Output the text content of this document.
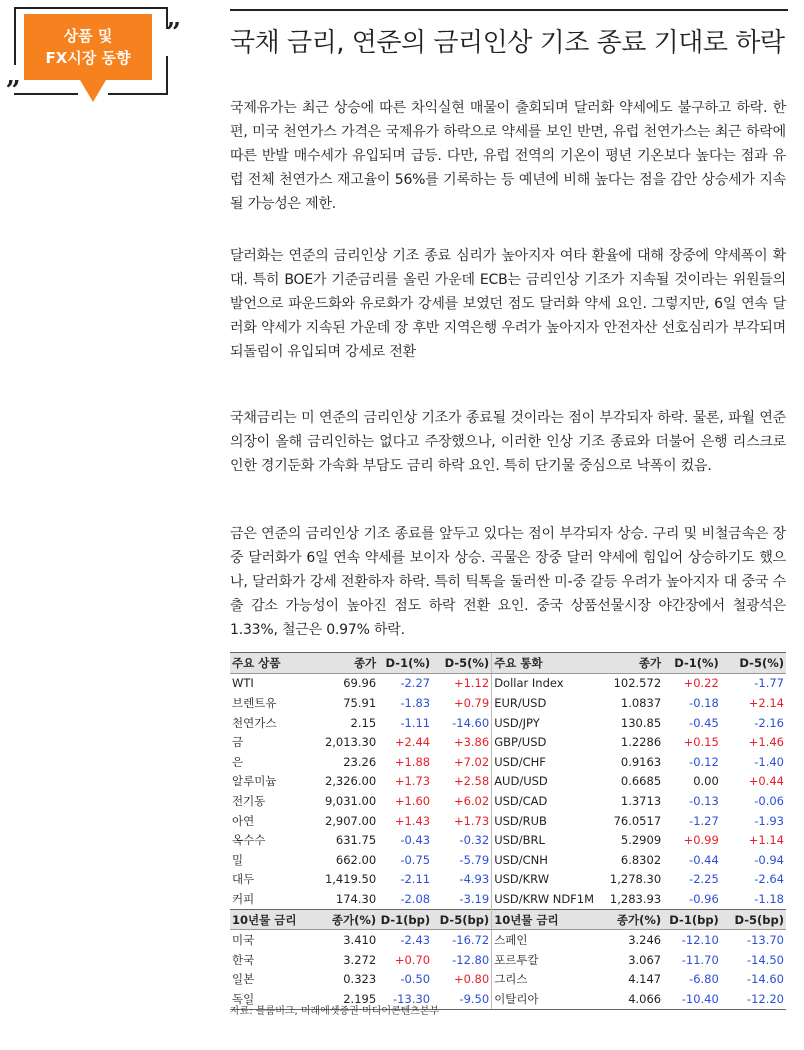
상품 및
FX시장 동향
„
” 국채 금리, 연준의 금리인상 기조 종료 기대로 하락

국제유가는 최근 상승에 따른 차익실현 매물이 출회되며 달러화 약세에도 불구하고 하락. 한편, 미국 천연가스 가격은 국제유가 하락으로 약세를 보인 반면, 유럽 천연가스는 최근 하락에 따른 반발 매수세가 유입되며 급등. 다만, 유럽 전역의 기온이 평년 기온보다 높다는 점과 유럽 전체 천연가스 재고율이 56%를 기록하는 등 예년에 비해 높다는 점을 감안 상승세가 지속될 가능성은 제한.

달러화는 연준의 금리인상 기조 종료 심리가 높아지자 여타 환율에 대해 장중에 약세폭이 확대. 특히 BOE가 기준금리를 올린 가운데 ECB는 금리인상 기조가 지속될 것이라는 위원들의 발언으로 파운드화와 유로화가 강세를 보였던 점도 달러화 약세 요인. 그렇지만, 6일 연속 달러화 약세가 지속된 가운데 장 후반 지역은행 우려가 높아지자 안전자산 선호심리가 부각되며 되돌림이 유입되며 강세로 전환

국채금리는 미 연준의 금리인상 기조가 종료될 것이라는 점이 부각되자 하락. 물론, 파월 연준의장이 올해 금리인하는 없다고 주장했으나, 이러한 인상 기조 종료와 더불어 은행 리스크로 인한 경기둔화 가속화 부담도 금리 하락 요인. 특히 단기물 중심으로 낙폭이 컸음.

금은 연준의 금리인상 기조 종료를 앞두고 있다는 점이 부각되자 상승. 구리 및 비철금속은 장중 달러화가 6일 연속 약세를 보이자 상승. 곡물은 장중 달러 약세에 힘입어 상승하기도 했으나, 달러화가 강세 전환하자 하락. 특히 틱톡을 둘러싼 미-중 갈등 우려가 높아지자 대 중국 수출 감소 가능성이 높아진 점도 하락 전환 요인. 중국 상품선물시장 야간장에서 철광석은 1.33%, 철근은 0.97% 하락.

주요 상품	종가	D-1(%)	D-5(%)	주요 통화	종가	D-1(%)	D-5(%)
WTI	69.96	-2.27	+1.12	Dollar Index	102.572	+0.22	-1.77
브렌트유	75.91	-1.83	+0.79	EUR/USD	1.0837	-0.18	+2.14
천연가스	2.15	-1.11	-14.60	USD/JPY	130.85	-0.45	-2.16
금	2,013.30	+2.44	+3.86	GBP/USD	1.2286	+0.15	+1.46
은	23.26	+1.88	+7.02	USD/CHF	0.9163	-0.12	-1.40
알루미늄	2,326.00	+1.73	+2.58	AUD/USD	0.6685	0.00	+0.44
전기동	9,031.00	+1.60	+6.02	USD/CAD	1.3713	-0.13	-0.06
아연	2,907.00	+1.43	+1.73	USD/RUB	76.0517	-1.27	-1.93
옥수수	631.75	-0.43	-0.32	USD/BRL	5.2909	+0.99	+1.14
밀	662.00	-0.75	-5.79	USD/CNH	6.8302	-0.44	-0.94
대두	1,419.50	-2.11	-4.93	USD/KRW	1,278.30	-2.25	-2.64
커피	174.30	-2.08	-3.19	USD/KRW NDF1M	1,283.93	-0.96	-1.18
10년물 금리	종가(%)	D-1(bp)	D-5(bp)	10년물 금리	종가(%)	D-1(bp)	D-5(bp)
미국	3.410	-2.43	-16.72	스페인	3.246	-12.10	-13.70
한국	3.272	+0.70	-12.80	포르투칼	3.067	-11.70	-14.50
일본	0.323	-0.50	+0.80	그리스	4.147	-6.80	-14.60
독일	2.195	-13.30	-9.50	이탈리아	4.066	-10.40	-12.20
자료: 블룸버그, 미래에셋증권 미디어콘텐츠본부
